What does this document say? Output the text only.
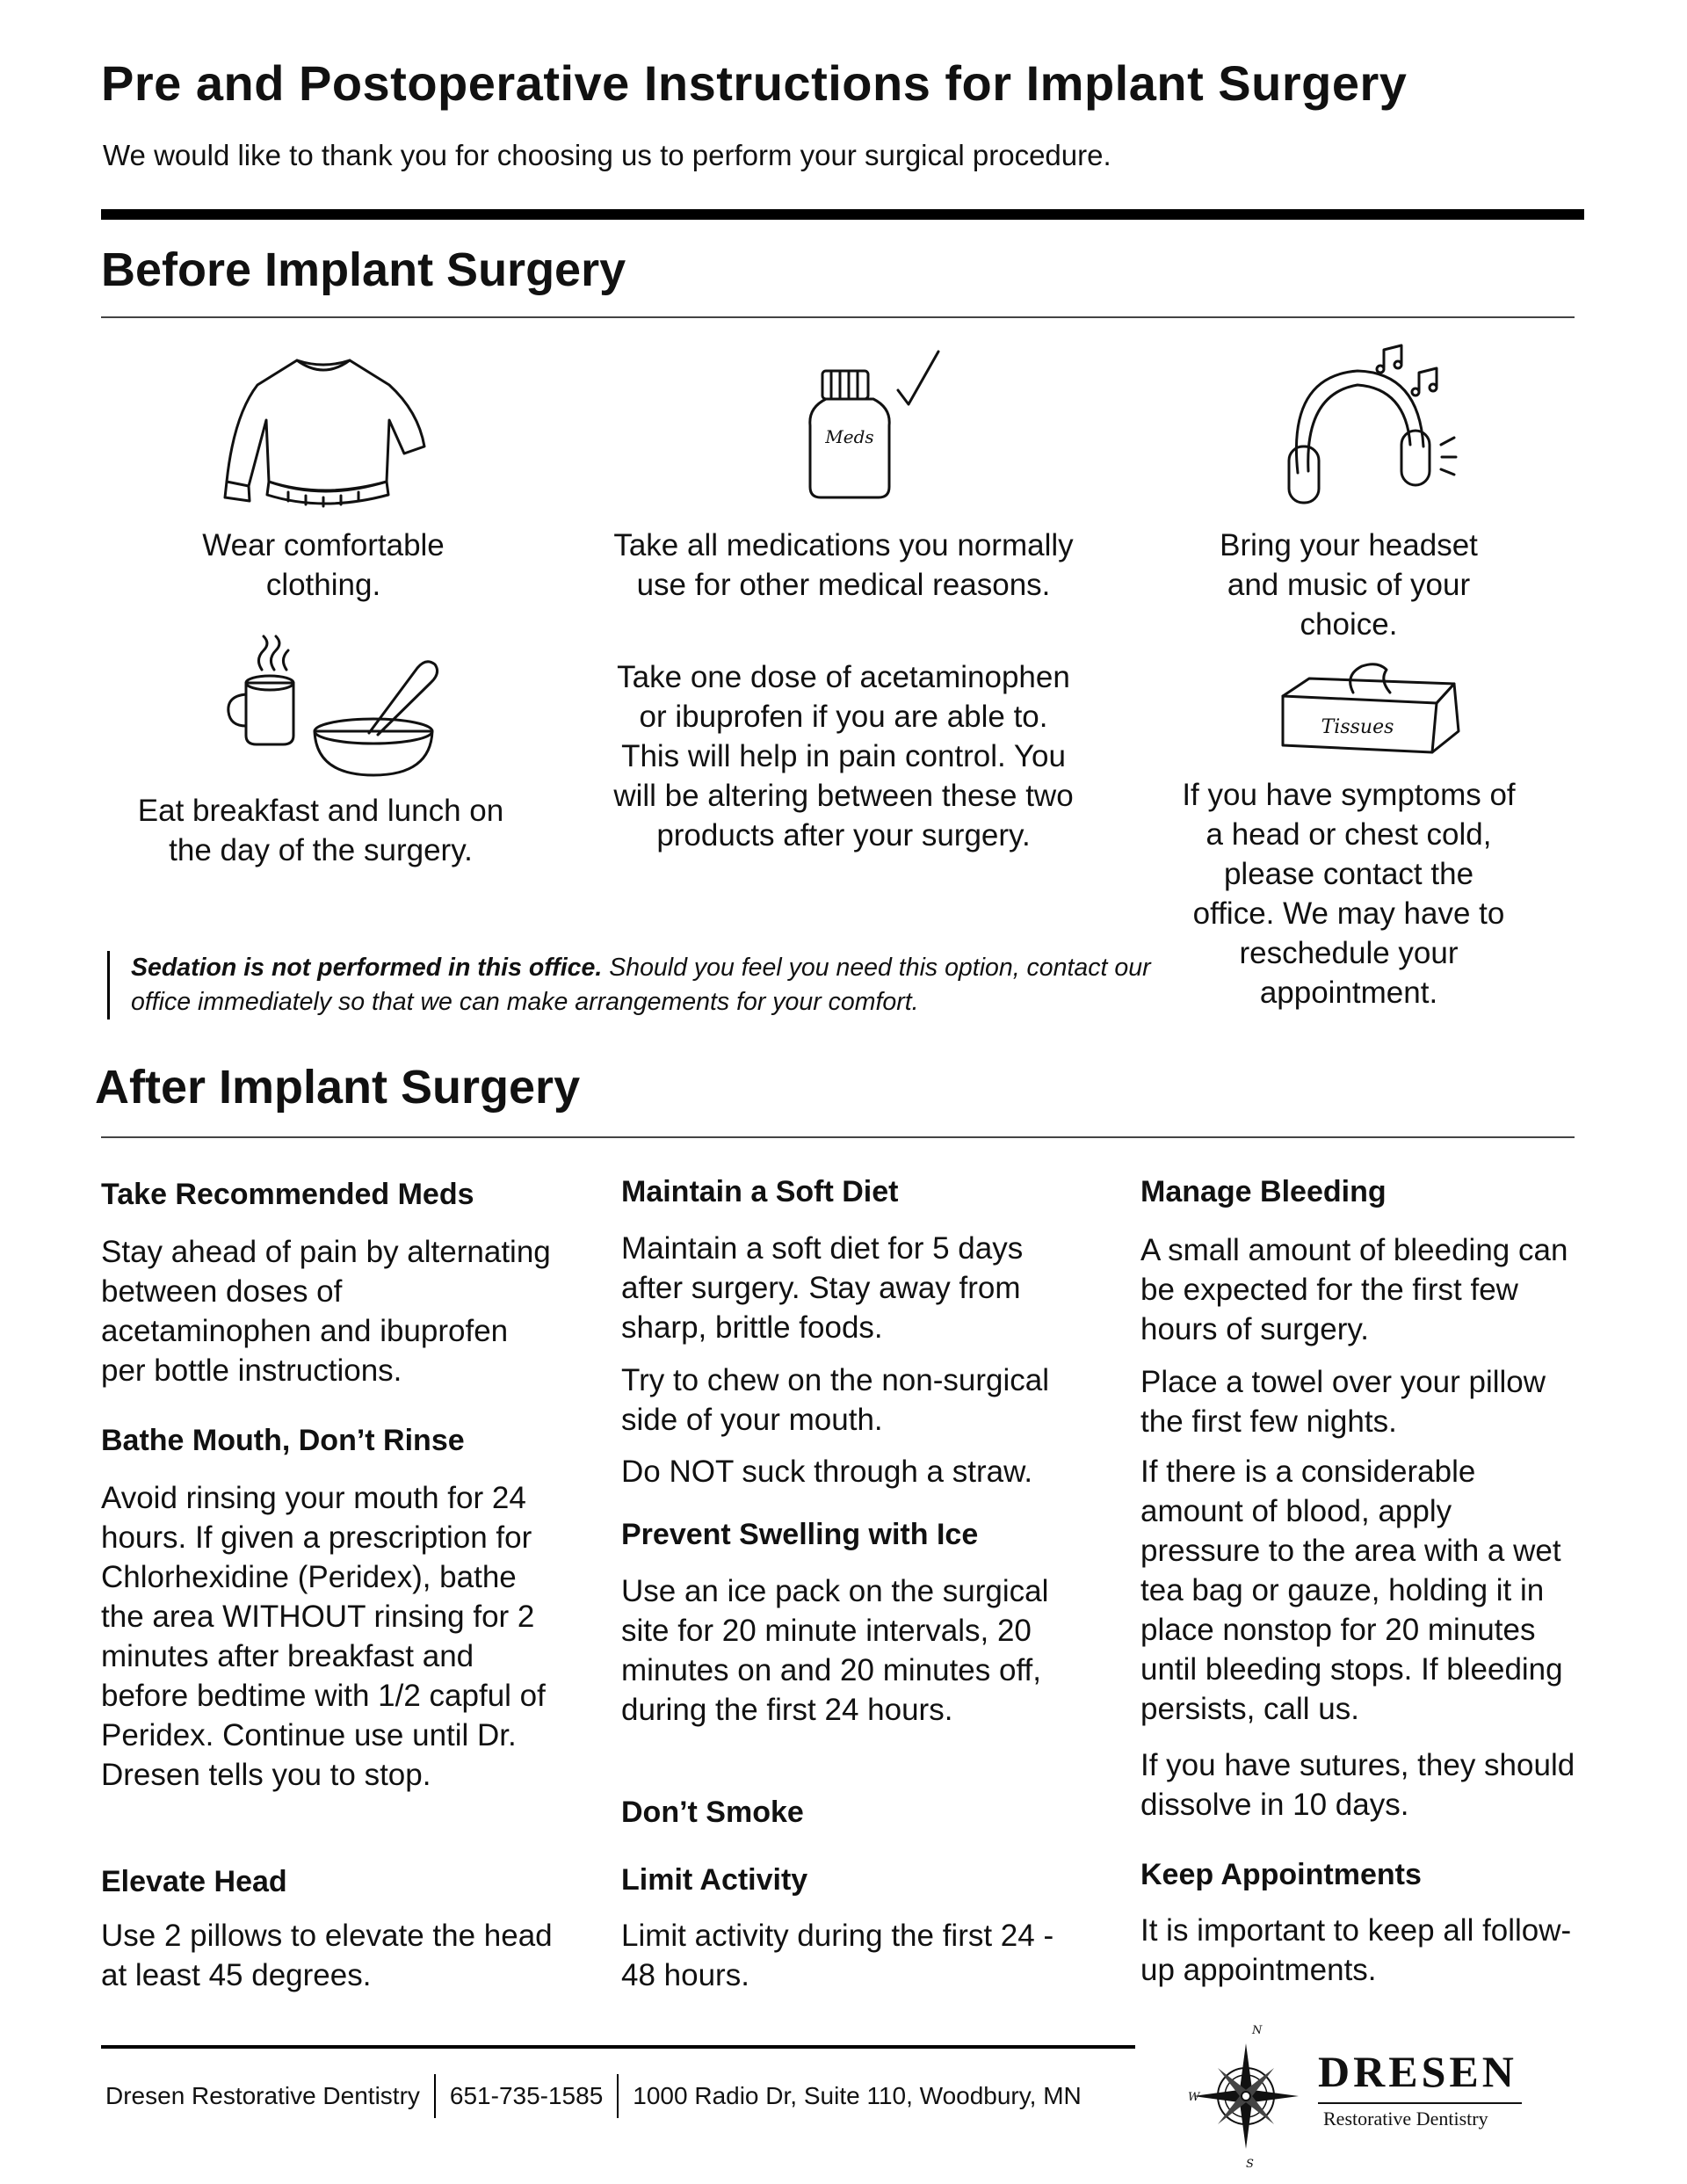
Pre and Postoperative Instructions for Implant Surgery
We would like to thank you for choosing us to perform your surgical procedure.
Before Implant Surgery
Meds
Wear comfortable clothing.
Take all medications you normally use for other medical reasons.
Bring your headset and music of your choice.
Tissues
Eat breakfast and lunch on the day of the surgery.
Take one dose of acetaminophen or ibuprofen if you are able to. This will help in pain control. You will be altering between these two products after your surgery.
If you have symptoms of a head or chest cold, please contact the office. We may have to reschedule your appointment.
Sedation is not performed in this office. Should you feel you need this option, contact our office immediately so that we can make arrangements for your comfort.
After Implant Surgery
Take Recommended Meds
Stay ahead of pain by alternating between doses of acetaminophen and ibuprofen per bottle instructions.
Bathe Mouth, Don’t Rinse
Avoid rinsing your mouth for 24 hours. If given a prescription for Chlorhexidine (Peridex), bathe the area WITHOUT rinsing for 2 minutes after breakfast and before bedtime with 1/2 capful of Peridex. Continue use until Dr. Dresen tells you to stop.
Elevate Head
Use 2 pillows to elevate the head at least 45 degrees.
Maintain a Soft Diet
Maintain a soft diet for 5 days after surgery. Stay away from sharp, brittle foods.
Try to chew on the non-surgical side of your mouth.
Do NOT suck through a straw.
Prevent Swelling with Ice
Use an ice pack on the surgical site for 20 minute intervals, 20 minutes on and 20 minutes off, during the first 24 hours.
Don’t Smoke
Limit Activity
Limit activity during the first 24 - 48 hours.
Manage Bleeding
A small amount of bleeding can be expected for the first few hours of surgery.
Place a towel over your pillow the first few nights.
If there is a considerable amount of blood, apply pressure to the area with a wet tea bag or gauze, holding it in place nonstop for 20 minutes until bleeding stops. If bleeding persists, call us.
If you have sutures, they should dissolve in 10 days.
Keep Appointments
It is important to keep all follow-up appointments.
Dresen Restorative Dentistry 651-735-1585 1000 Radio Dr, Suite 110, Woodbury, MN
N
W
S
DRESEN
Restorative Dentistry
